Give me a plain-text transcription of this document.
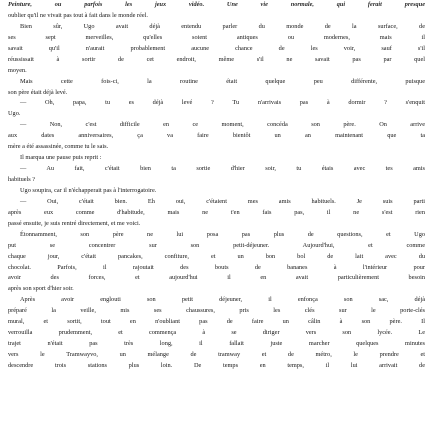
Peinture, ou parfois les jeux vidéo. Une vie normale, qui ferait presque
oublier qu'il ne vivait pas tout à fait dans le monde réel.
Bien sûr, Ugo avait déjà entendu parler du monde de la surface, de
ses sept merveilles, qu'elles soient antiques ou modernes, mais il
savait qu'il n'aurait probablement aucune chance de les voir, sauf s'il
réussissait à sortir de cet endroit, même s'il ne savait pas par quel
moyen.
Mais cette fois-ci, la routine était quelque peu différente, puisque
son père était déjà levé.
— Oh, papa, tu es déjà levé ? Tu n'arrivais pas à dormir ? s'enquit
Ugo.
— Non, c'est difficile en ce moment, concéda son père. On arrive
aux dates anniversaires, ça va faire bientôt un an maintenant que ta
mère a été assassinée, comme tu le sais.
Il marqua une pause puis reprit :
— Au fait, c'était bien ta sortie d'hier soir, tu étais avec tes amis
habituels ?
Ugo soupira, car il n'échapperait pas à l'interrogatoire.
— Oui, c'était bien. Eh oui, c'étaient mes amis habituels. Je suis parti
après eux comme d'habitude, mais ne t'en fais pas, il ne s'est rien
passé ensuite, je suis rentré directement, et me voici.
Étonnamment, son père ne lui posa pas plus de questions, et Ugo
put se concentrer sur son petit-déjeuner. Aujourd'hui, et comme
chaque jour, c'était pancakes, confiture, et un bon bol de lait avec du
chocolat. Parfois, il rajoutait des bouts de bananes à l'intérieur pour
avoir des forces, et aujourd'hui il en avait particulièrement besoin
après son sport d'hier soir.
Après avoir englouti son petit déjeuner, il enfonça son sac, déjà
préparé la veille, mis ses chaussures, pris les clés sur le porte-clés
mural, et sortit, tout en n'oubliant pas de faire un câlin à son père. Il
verrouilla prudemment, et commença à se diriger vers son lycée. Le
trajet n'était pas très long, il fallait juste marcher quelques minutes
vers le Tramwayvo, un mélange de tramway et de métro, le prendre et
descendre trois stations plus loin. De temps en temps, il lui arrivait de
